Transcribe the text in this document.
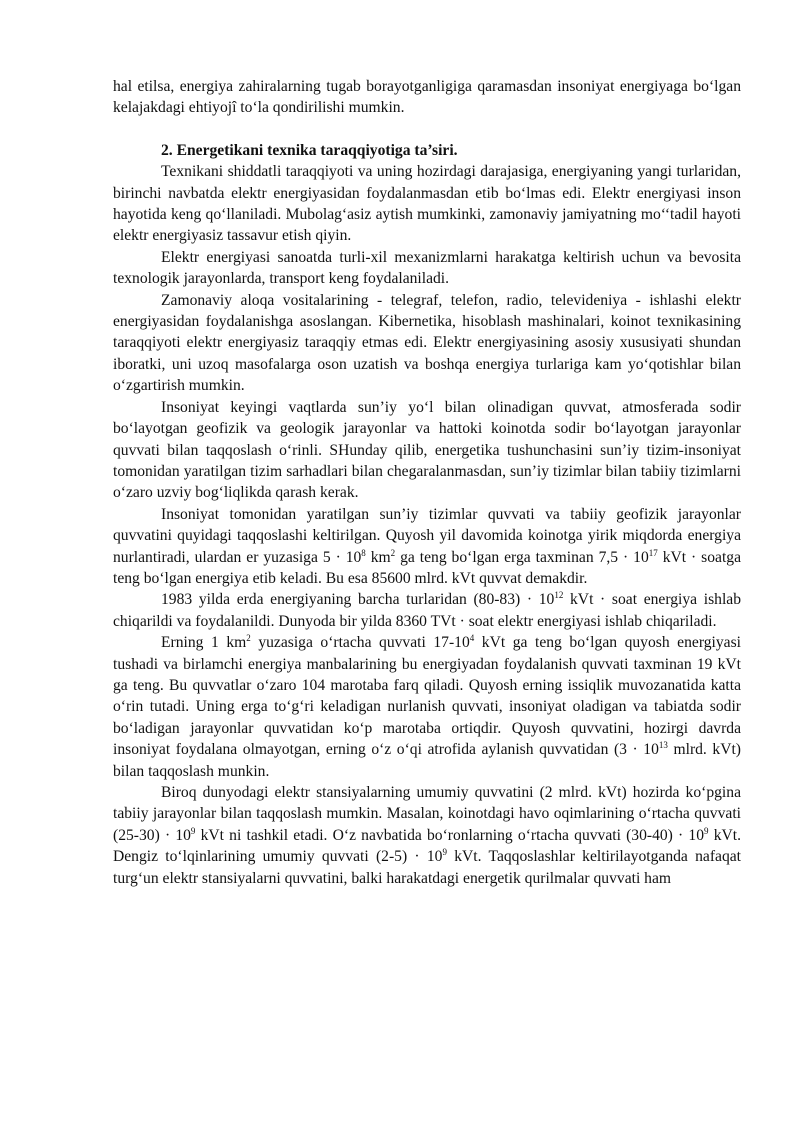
hal etilsa, energiya zahiralarning tugab borayotganligiga qaramasdan insoniyat energiyaga bo‘lgan kelajakdagi ehtiyojî to‘la qondirilishi mumkin.

2. Energetikani texnika taraqqiyotiga ta’siri.

Texnikani shiddatli taraqqiyoti va uning hozirdagi darajasiga, energiyaning yangi turlaridan, birinchi navbatda elektr energiyasidan foydalanmasdan etib bo‘lmas edi. Elektr energiyasi inson hayotida keng qo‘llaniladi. Mubolag‘asiz aytish mumkinki, zamonaviy jamiyatning mo‘‘tadil hayoti elektr energiyasiz tassavur etish qiyin.

Elektr energiyasi sanoatda turli-xil mexanizmlarni harakatga keltirish uchun va bevosita texnologik jarayonlarda, transport keng foydalaniladi.

Zamonaviy aloqa vositalarining - telegraf, telefon, radio, televideniya - ishlashi elektr energiyasidan foydalanishga asoslangan. Kibernetika, hisoblash mashinalari, koinot texnikasining taraqqiyoti elektr energiyasiz taraqqiy etmas edi. Elektr energiyasining asosiy xususiyati shundan iboratki, uni uzoq masofalarga oson uzatish va boshqa energiya turlariga kam yo‘qotishlar bilan o‘zgartirish mumkin.

Insoniyat keyingi vaqtlarda sun’iy yo‘l bilan olinadigan quvvat, atmosferada sodir bo‘layotgan geofizik va geologik jarayonlar va hattoki koinotda sodir bo‘layotgan jarayonlar quvvati bilan taqqoslash o‘rinli. SHunday qilib, energetika tushunchasini sun’iy tizim-insoniyat tomonidan yaratilgan tizim sarhadlari bilan chegaralanmasdan, sun’iy tizimlar bilan tabiiy tizimlarni o‘zaro uzviy bog‘liqlikda qarash kerak.

Insoniyat tomonidan yaratilgan sun’iy tizimlar quvvati va tabiiy geofizik jarayonlar quvvatini quyidagi taqqoslashi keltirilgan. Quyosh yil davomida koinotga yirik miqdorda energiya nurlantiradi, ulardan er yuzasiga $5 \cdot 10^8$ $km^2$ ga teng bo‘lgan erga taxminan $7,5 \cdot 10^{17}$ kVt · soatga teng bo‘lgan energiya etib keladi. Bu esa 85600 mlrd. kVt quvvat demakdir.

1983 yilda erda energiyaning barcha turlaridan $(80-83) \cdot 10^{12}$ kVt · soat energiya ishlab chiqarildi va foydalanildi. Dunyoda bir yilda 8360 TVt · soat elektr energiyasi ishlab chiqariladi.

Erning 1 $km^2$ yuzasiga o‘rtacha quvvati $17-10^4$ kVt ga teng bo‘lgan quyosh energiyasi tushadi va birlamchi energiya manbalarining bu energiyadan foydalanish quvvati taxminan 19 kVt ga teng. Bu quvvatlar o‘zaro 104 marotaba farq qiladi. Quyosh erning issiqlik muvozanatida katta o‘rin tutadi. Uning erga to‘g‘ri keladigan nurlanish quvvati, insoniyat oladigan va tabiatda sodir bo‘ladigan jarayonlar quvvatidan ko‘p marotaba ortiqdir. Quyosh quvvatini, hozirgi davrda insoniyat foydalana olmayotgan, erning o‘z o‘qi atrofida aylanish quvvatidan ($3 \cdot 10^{13}$ mlrd. kVt) bilan taqqoslash munkin.

Biroq dunyodagi elektr stansiyalarning umumiy quvvatini (2 mlrd. kVt) hozirda ko‘pgina tabiiy jarayonlar bilan taqqoslash mumkin. Masalan, koinotdagi havo oqimlarining o‘rtacha quvvati $(25-30) \cdot 10^9$ kVt ni tashkil etadi. O‘z navbatida bo‘ronlarning o‘rtacha quvvati $(30-40) \cdot 10^9$ kVt. Dengiz to‘lqinlarining umumiy quvvati $(2-5) \cdot 10^9$ kVt. Taqqoslashlar keltirilayotganda nafaqat turg‘un elektr stansiyalarni quvvatini, balki harakatdagi energetik qurilmalar quvvati ham
